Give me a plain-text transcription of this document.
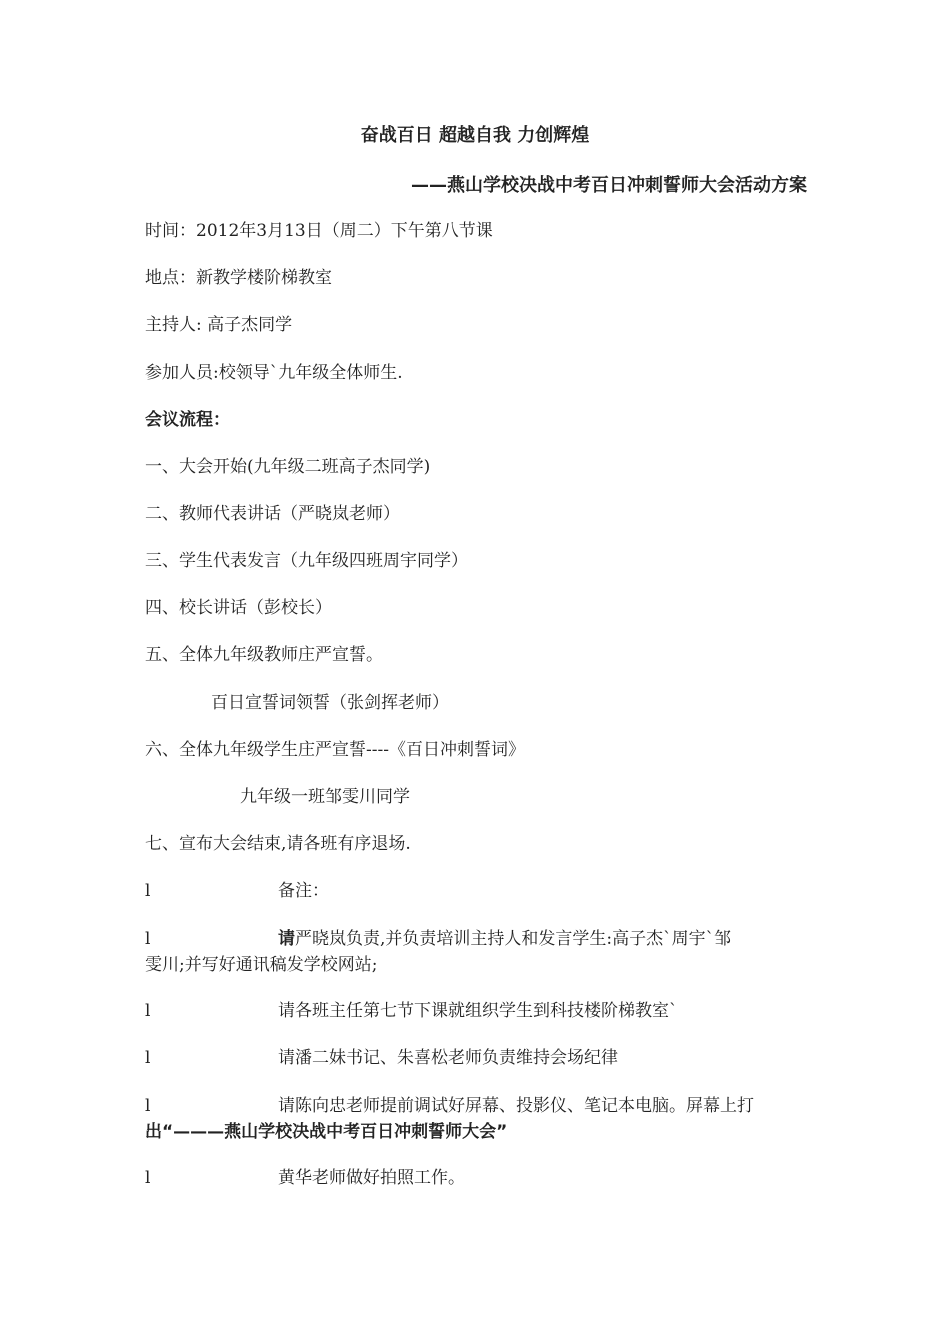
奋战百日 超越自我 力创辉煌
——燕山学校决战中考百日冲刺誓师大会活动方案
时间：2012年3月13日（周二）下午第八节课
地点：新教学楼阶梯教室
主持人: 高子杰同学
参加人员:校领导`九年级全体师生.
会议流程：
一、大会开始(九年级二班高子杰同学)
二、教师代表讲话（严晓岚老师）
三、学生代表发言（九年级四班周宇同学）
四、校长讲话（彭校长）
五、全体九年级教师庄严宣誓。
百日宣誓词领誓（张剑挥老师）
六、全体九年级学生庄严宣誓----《百日冲刺誓词》
九年级一班邹雯川同学
七、宣布大会结束,请各班有序退场.
l	备注：
l	请严晓岚负责,并负责培训主持人和发言学生:高子杰`周宇`邹
雯川;并写好通讯稿发学校网站;
l	请各班主任第七节下课就组织学生到科技楼阶梯教室`
l	请潘二妹书记、朱喜松老师负责维持会场纪律
l	请陈向忠老师提前调试好屏幕、投影仪、笔记本电脑。屏幕上打
出“———燕山学校决战中考百日冲刺誓师大会”
l	黄华老师做好拍照工作。
